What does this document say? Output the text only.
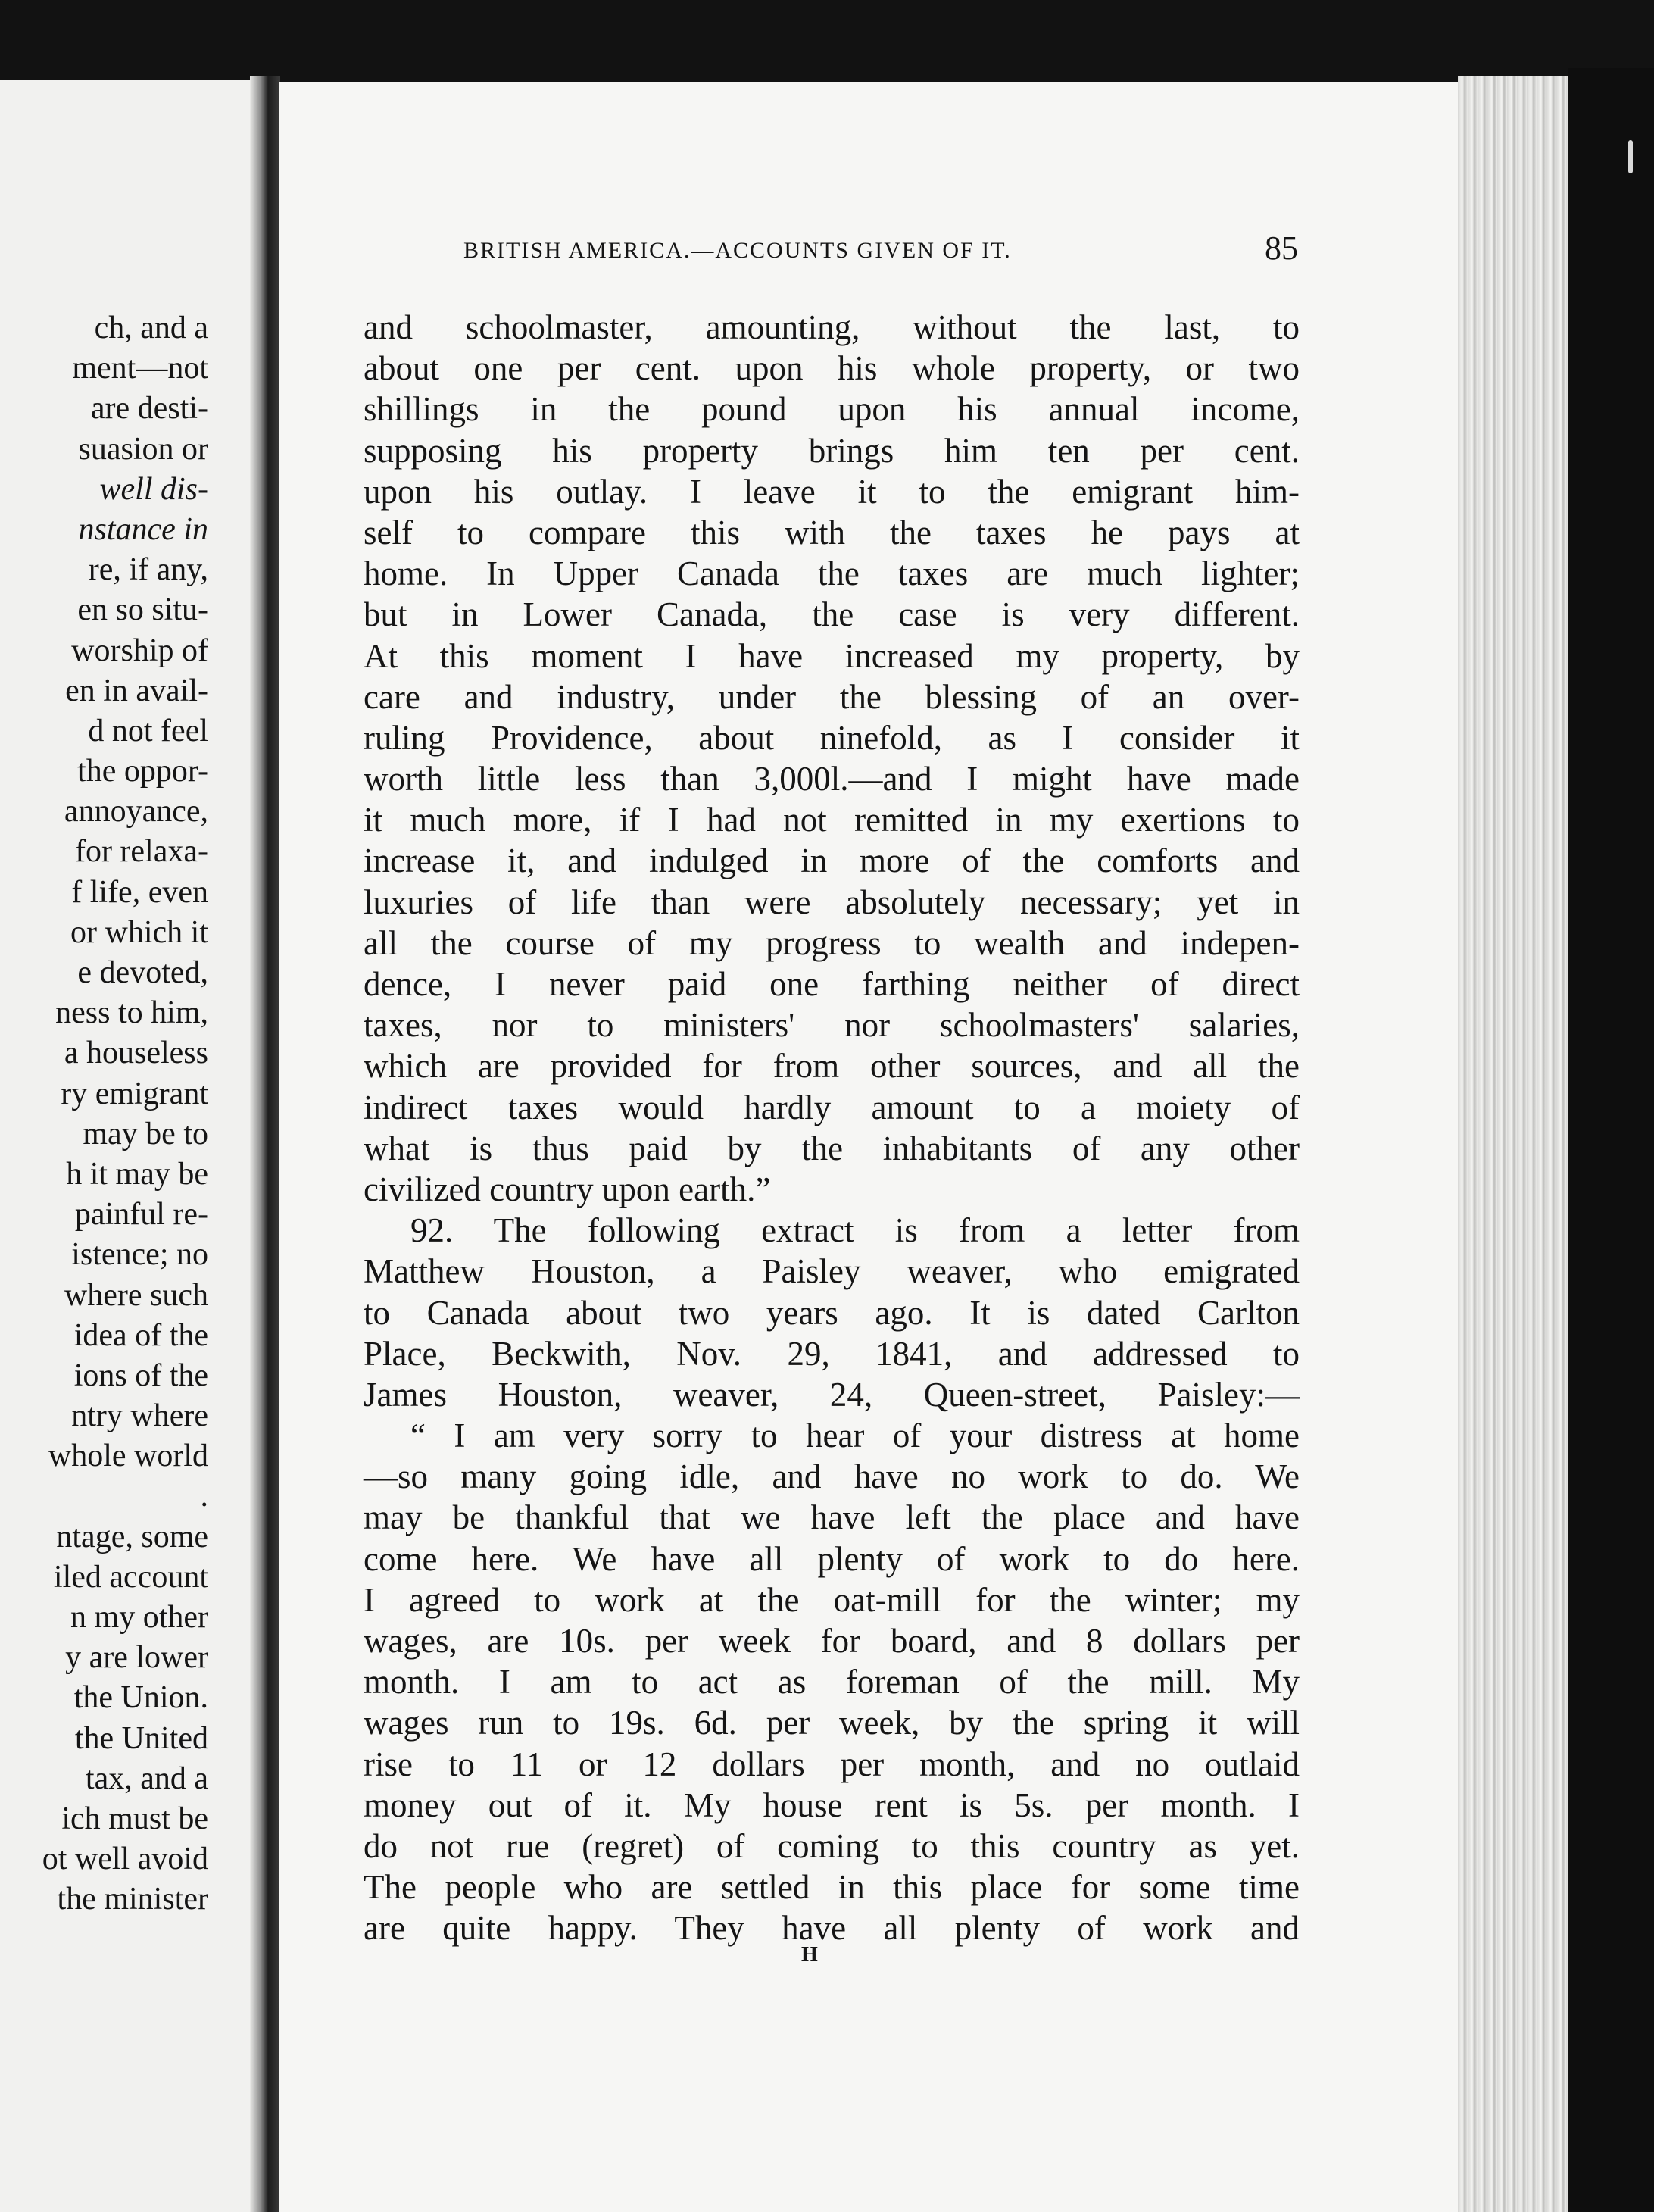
ch, and a
ment—not
are desti-
suasion or
well dis-
nstance in
re, if any,
en so situ-
worship of
en in avail-
d not feel
the oppor-
annoyance,
for relaxa-
f life, even
or which it
e devoted,
ness to him,
a houseless
ry emigrant
may be to
h it may be
painful re-
istence; no
where such
idea of the
ions of the
ntry where
whole world
.
ntage, some
iled account
n my other
y are lower
the Union.
the United
tax, and a
ich must be
ot well avoid
the minister
BRITISH AMERICA.—ACCOUNTS GIVEN OF IT.	85
and schoolmaster, amounting, without the last, to
about one per cent. upon his whole property, or two
shillings in the pound upon his annual income,
supposing his property brings him ten per cent.
upon his outlay. I leave it to the emigrant him-
self to compare this with the taxes he pays at
home. In Upper Canada the taxes are much lighter;
but in Lower Canada, the case is very different.
At this moment I have increased my property, by
care and industry, under the blessing of an over-
ruling Providence, about ninefold, as I consider it
worth little less than 3,000l.—and I might have made
it much more, if I had not remitted in my exertions to
increase it, and indulged in more of the comforts and
luxuries of life than were absolutely necessary; yet in
all the course of my progress to wealth and indepen-
dence, I never paid one farthing neither of direct
taxes, nor to ministers' nor schoolmasters' salaries,
which are provided for from other sources, and all the
indirect taxes would hardly amount to a moiety of
what is thus paid by the inhabitants of any other
civilized country upon earth.”
92. The following extract is from a letter from
Matthew Houston, a Paisley weaver, who emigrated
to Canada about two years ago. It is dated Carlton
Place, Beckwith, Nov. 29, 1841, and addressed to
James Houston, weaver, 24, Queen-street, Paisley:—
“ I am very sorry to hear of your distress at home
—so many going idle, and have no work to do. We
may be thankful that we have left the place and have
come here. We have all plenty of work to do here.
I agreed to work at the oat-mill for the winter; my
wages, are 10s. per week for board, and 8 dollars per
month. I am to act as foreman of the mill. My
wages run to 19s. 6d. per week, by the spring it will
rise to 11 or 12 dollars per month, and no outlaid
money out of it. My house rent is 5s. per month. I
do not rue (regret) of coming to this country as yet.
The people who are settled in this place for some time
are quite happy. They have all plenty of work and
H
